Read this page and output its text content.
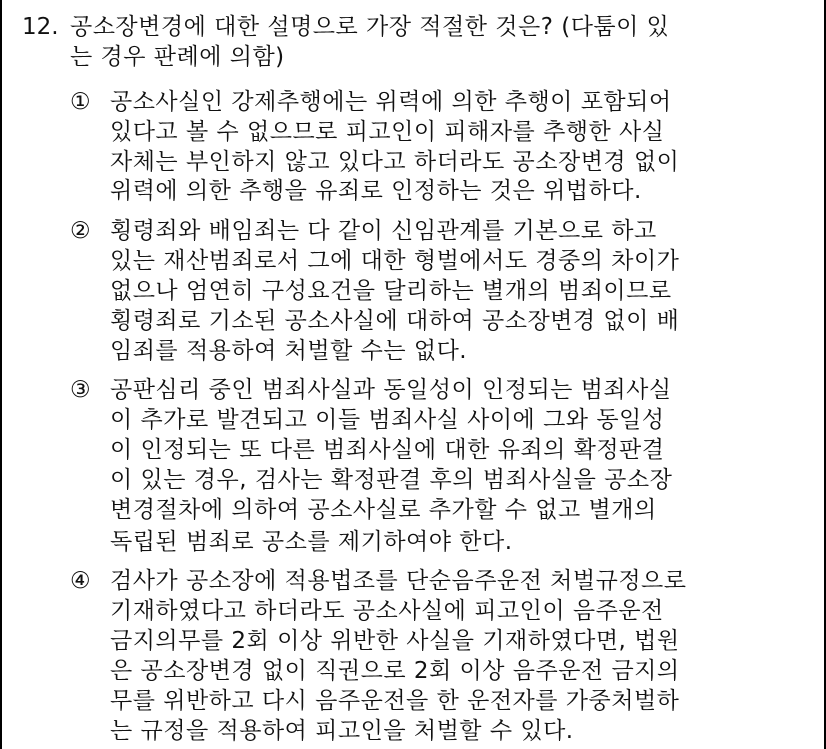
12. 공소장변경에 대한 설명으로 가장 적절한 것은? (다툼이 있
는 경우 판례에 의함)
① 공소사실인 강제추행에는 위력에 의한 추행이 포함되어
있다고 볼 수 없으므로 피고인이 피해자를 추행한 사실
자체는 부인하지 않고 있다고 하더라도 공소장변경 없이
위력에 의한 추행을 유죄로 인정하는 것은 위법하다.
② 횡령죄와 배임죄는 다 같이 신임관계를 기본으로 하고
있는 재산범죄로서 그에 대한 형벌에서도 경중의 차이가
없으나 엄연히 구성요건을 달리하는 별개의 범죄이므로
횡령죄로 기소된 공소사실에 대하여 공소장변경 없이 배
임죄를 적용하여 처벌할 수는 없다.
③ 공판심리 중인 범죄사실과 동일성이 인정되는 범죄사실
이 추가로 발견되고 이들 범죄사실 사이에 그와 동일성
이 인정되는 또 다른 범죄사실에 대한 유죄의 확정판결
이 있는 경우, 검사는 확정판결 후의 범죄사실을 공소장
변경절차에 의하여 공소사실로 추가할 수 없고 별개의
독립된 범죄로 공소를 제기하여야 한다.
④ 검사가 공소장에 적용법조를 단순음주운전 처벌규정으로
기재하였다고 하더라도 공소사실에 피고인이 음주운전
금지의무를 2회 이상 위반한 사실을 기재하였다면, 법원
은 공소장변경 없이 직권으로 2회 이상 음주운전 금지의
무를 위반하고 다시 음주운전을 한 운전자를 가중처벌하
는 규정을 적용하여 피고인을 처벌할 수 있다.
